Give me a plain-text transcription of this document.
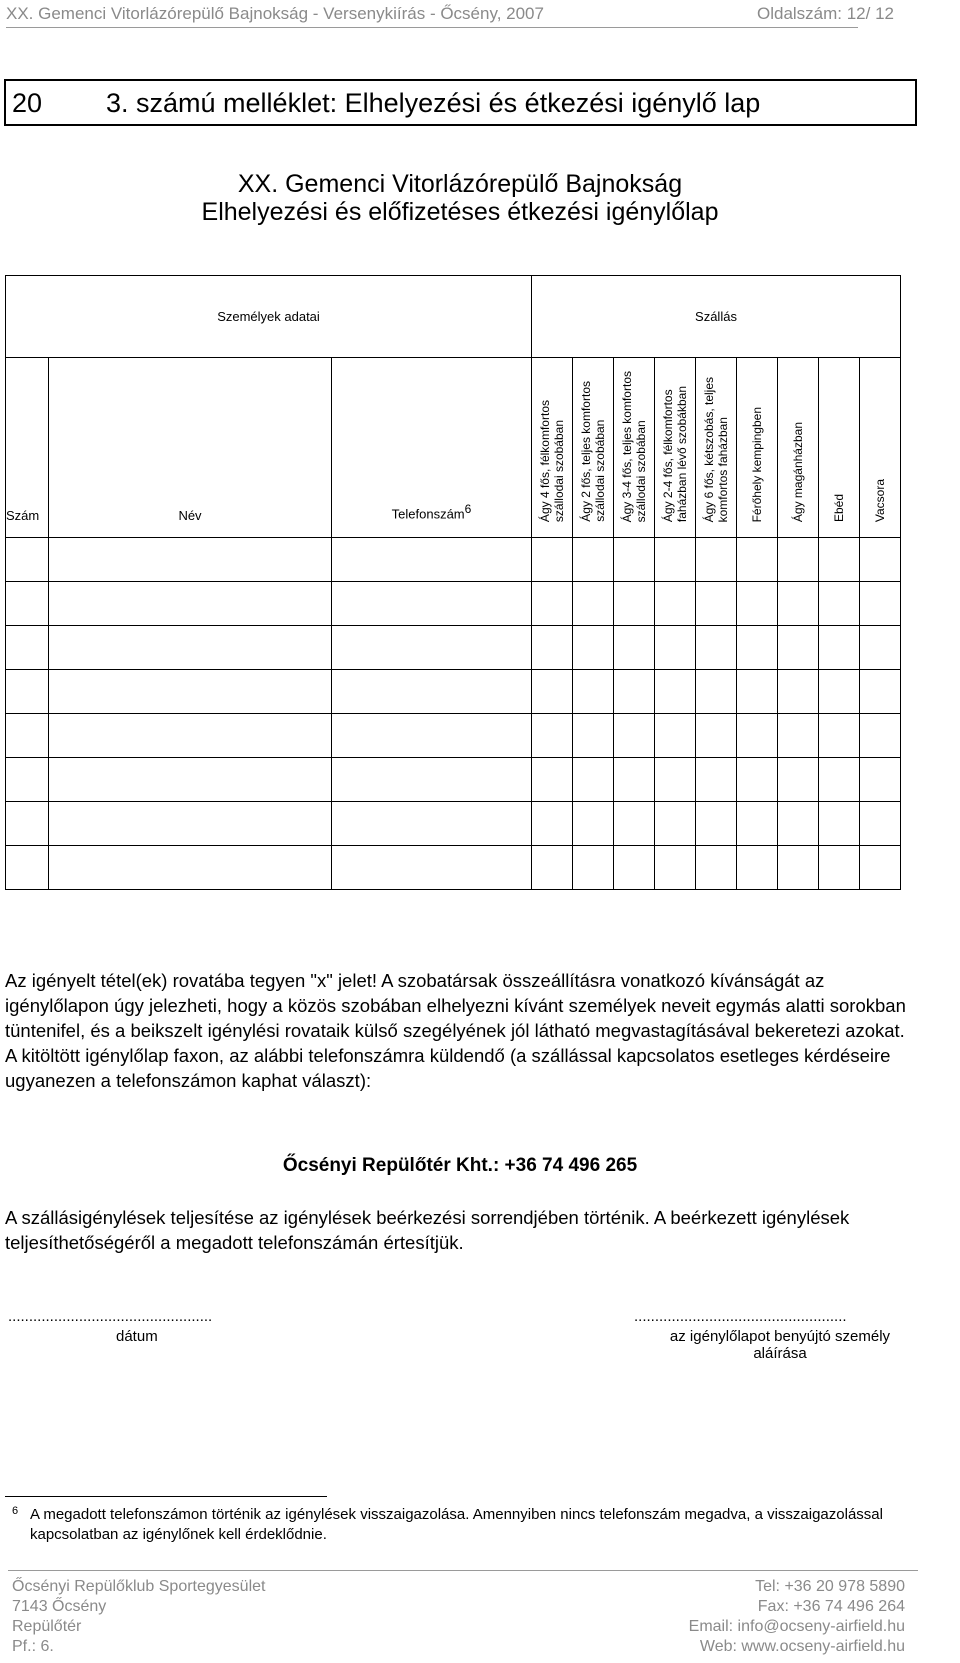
XX. Gemenci Vitorlázórepülő Bajnokság - Versenykiírás - Őcsény, 2007	Oldalszám: 12/ 12
20 3. számú melléklet: Elhelyezési és étkezési igénylő lap
XX. Gemenci Vitorlázórepülő Bajnokság
Elhelyezési és előfizetéses étkezési igénylőlap
Személyek adatai			Szállás								
Szám	Név	Telefonszám$^6$	Ágy 4 fős, félkomfortos
szállodai szobában	Ágy 2 fős, teljes komfortos
szállodai szobában	Ágy 3-4 fős, teljes komfortos
szállodai szobában	Ágy 2-4 fős, félkomfortos
faházban lévő szobákban	Ágy 6 fős, kétszobás, teljes
komfortos faházban	Férőhely kempingben	Ágy magánházban	Ebéd	Vacsora

Az igényelt tétel(ek) rovatába tegyen "x" jelet! A szobatársak összeállításra vonatkozó kívánságát az igénylőlapon úgy jelezheti, hogy a közös szobában elhelyezni kívánt személyek neveit egymás alatti sorokban tüntenifel, és a beikszelt igénylési rovataik külső szegélyének jól látható megvastagításával bekeretezi azokat. A kitöltött igénylőlap faxon, az alábbi telefonszámra küldendő (a szállással kapcsolatos esetleges kérdéseire ugyanezen a telefonszámon kaphat választ):
Őcsényi Repülőtér Kht.: +36 74 496 265
A szállásigénylések teljesítése az igénylések beérkezési sorrendjében történik. A beérkezett igénylések teljesíthetőségéről a megadott telefonszámán értesítjük.
.................................................
dátum
...................................................
az igénylőlapot benyújtó személy
aláírása
6 A megadott telefonszámon történik az igénylések visszaigazolása. Amennyiben nincs telefonszám megadva, a visszaigazolással kapcsolatban az igénylőnek kell érdeklődnie.
Őcsényi Repülőklub Sportegyesület
7143 Őcsény
Repülőtér
Pf.: 6.
Tel: +36 20 978 5890
Fax: +36 74 496 264
Email: info@ocseny-airfield.hu
Web: www.ocseny-airfield.hu
